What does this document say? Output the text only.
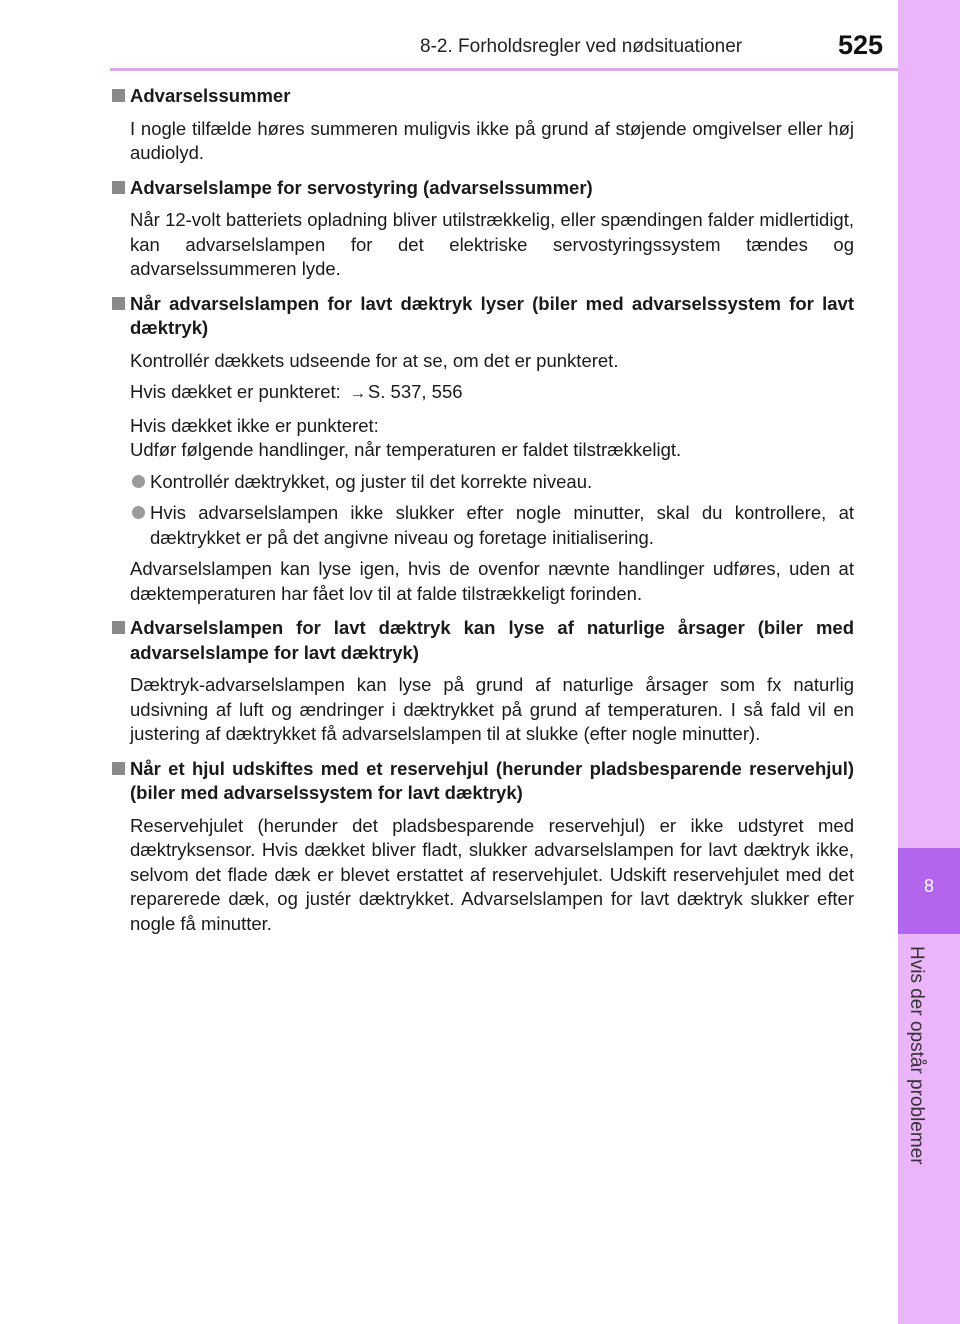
8-2. Forholdsregler ved nødsituationer	525
8
Hvis der opstår problemer
Advarselssummer

I nogle tilfælde høres summeren muligvis ikke på grund af støjende omgivelser eller høj audiolyd.

Advarselslampe for servostyring (advarselssummer)

Når 12-volt batteriets opladning bliver utilstrækkelig, eller spændingen falder midlertidigt, kan advarselslampen for det elektriske servostyringssystem tændes og advarselssummeren lyde.

Når advarselslampen for lavt dæktryk lyser (biler med advarselssystem for lavt dæktryk)

Kontrollér dækkets udseende for at se, om det er punkteret.

Hvis dækket er punkteret: → S. 537, 556

Hvis dækket ikke er punkteret:
Udfør følgende handlinger, når temperaturen er faldet tilstrækkeligt.

Kontrollér dæktrykket, og juster til det korrekte niveau.
Hvis advarselslampen ikke slukker efter nogle minutter, skal du kontrollere, at dæktrykket er på det angivne niveau og foretage initialisering.

Advarselslampen kan lyse igen, hvis de ovenfor nævnte handlinger udføres, uden at dæktemperaturen har fået lov til at falde tilstrækkeligt forinden.

Advarselslampen for lavt dæktryk kan lyse af naturlige årsager (biler med advarselslampe for lavt dæktryk)

Dæktryk-advarselslampen kan lyse på grund af naturlige årsager som fx naturlig udsivning af luft og ændringer i dæktrykket på grund af temperaturen. I så fald vil en justering af dæktrykket få advarselslampen til at slukke (efter nogle minutter).

Når et hjul udskiftes med et reservehjul (herunder pladsbesparende reservehjul) (biler med advarselssystem for lavt dæktryk)

Reservehjulet (herunder det pladsbesparende reservehjul) er ikke udstyret med dæktryksensor. Hvis dækket bliver fladt, slukker advarselslampen for lavt dæktryk ikke, selvom det flade dæk er blevet erstattet af reservehjulet. Udskift reservehjulet med det reparerede dæk, og justér dæktrykket. Advarselslampen for lavt dæktryk slukker efter nogle få minutter.
